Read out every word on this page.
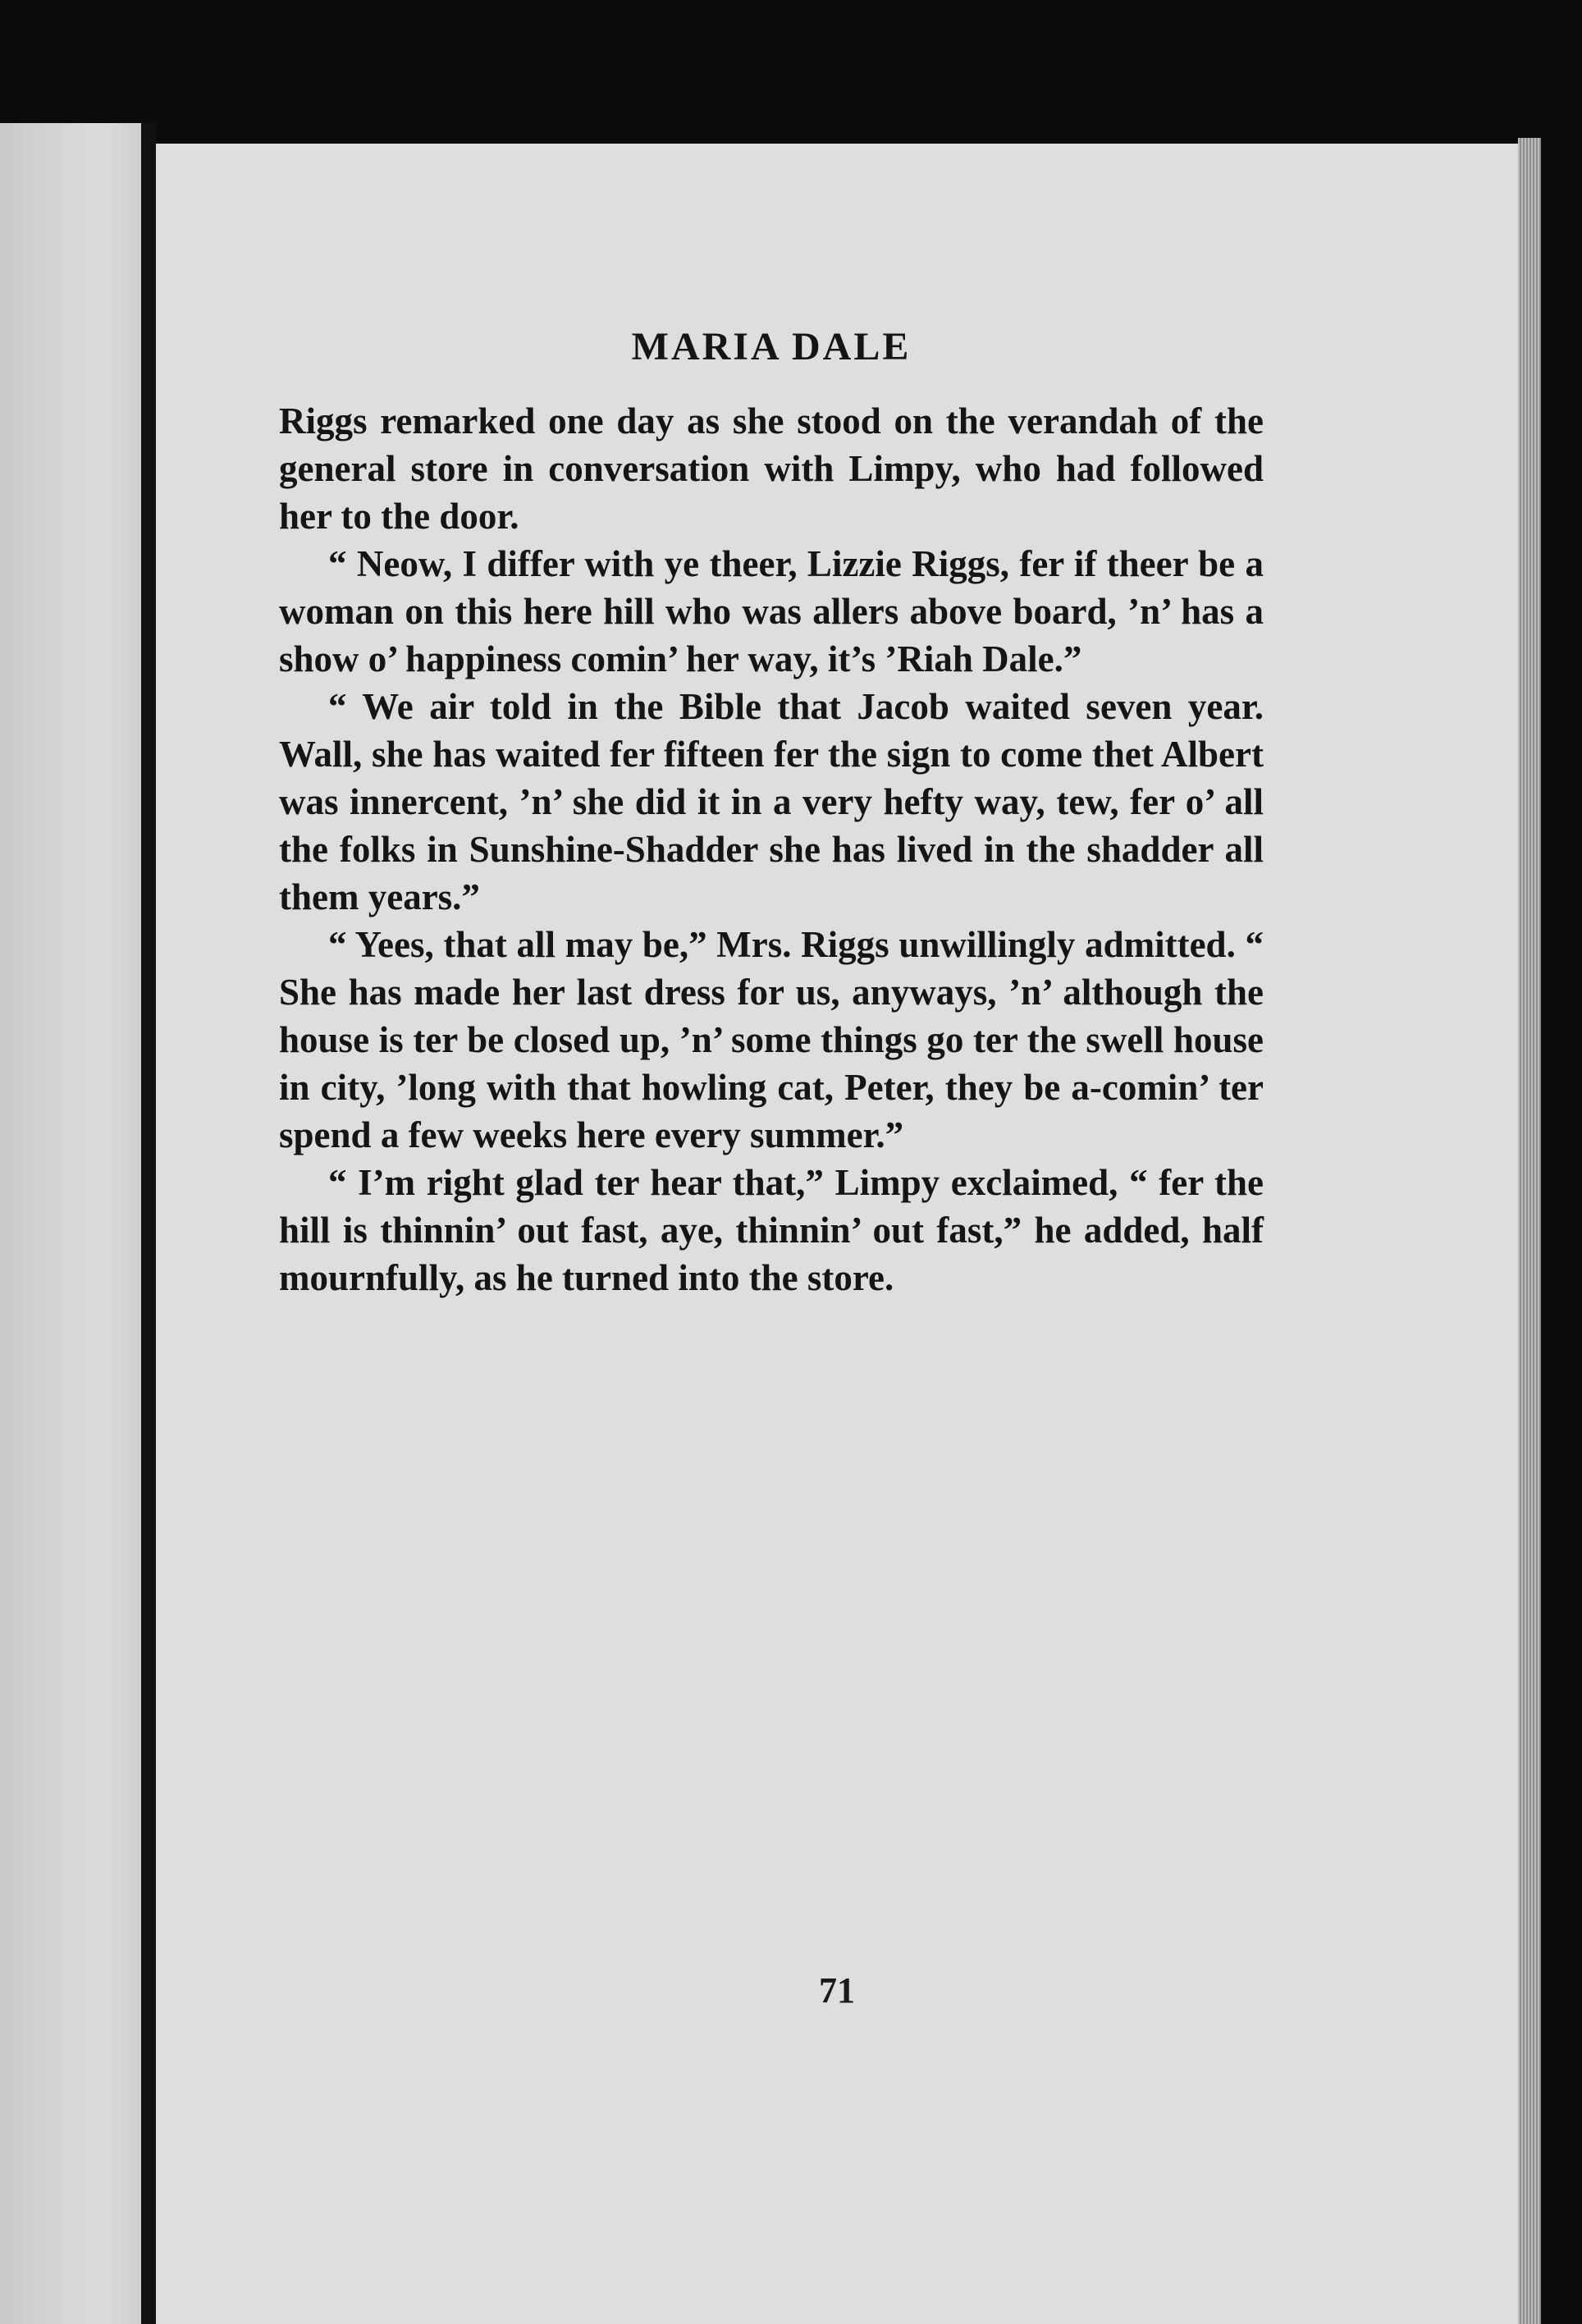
MARIA DALE

Riggs remarked one day as she stood on the verandah of the general store in conversation with Limpy, who had followed her to the door.

“ Neow, I differ with ye theer, Lizzie Riggs, fer if theer be a woman on this here hill who was allers above board, ’n’ has a show o’ happiness comin’ her way, it’s ’Riah Dale.”

“ We air told in the Bible that Jacob waited seven year. Wall, she has waited fer fifteen fer the sign to come thet Albert was innercent, ’n’ she did it in a very hefty way, tew, fer o’ all the folks in Sunshine-Shadder she has lived in the shadder all them years.”

“ Yees, that all may be,” Mrs. Riggs unwillingly admitted. “ She has made her last dress for us, anyways, ’n’ although the house is ter be closed up, ’n’ some things go ter the swell house in city, ’long with that howling cat, Peter, they be a-comin’ ter spend a few weeks here every summer.”

“ I’m right glad ter hear that,” Limpy exclaimed, “ fer the hill is thinnin’ out fast, aye, thinnin’ out fast,” he added, half mournfully, as he turned into the store.

71
